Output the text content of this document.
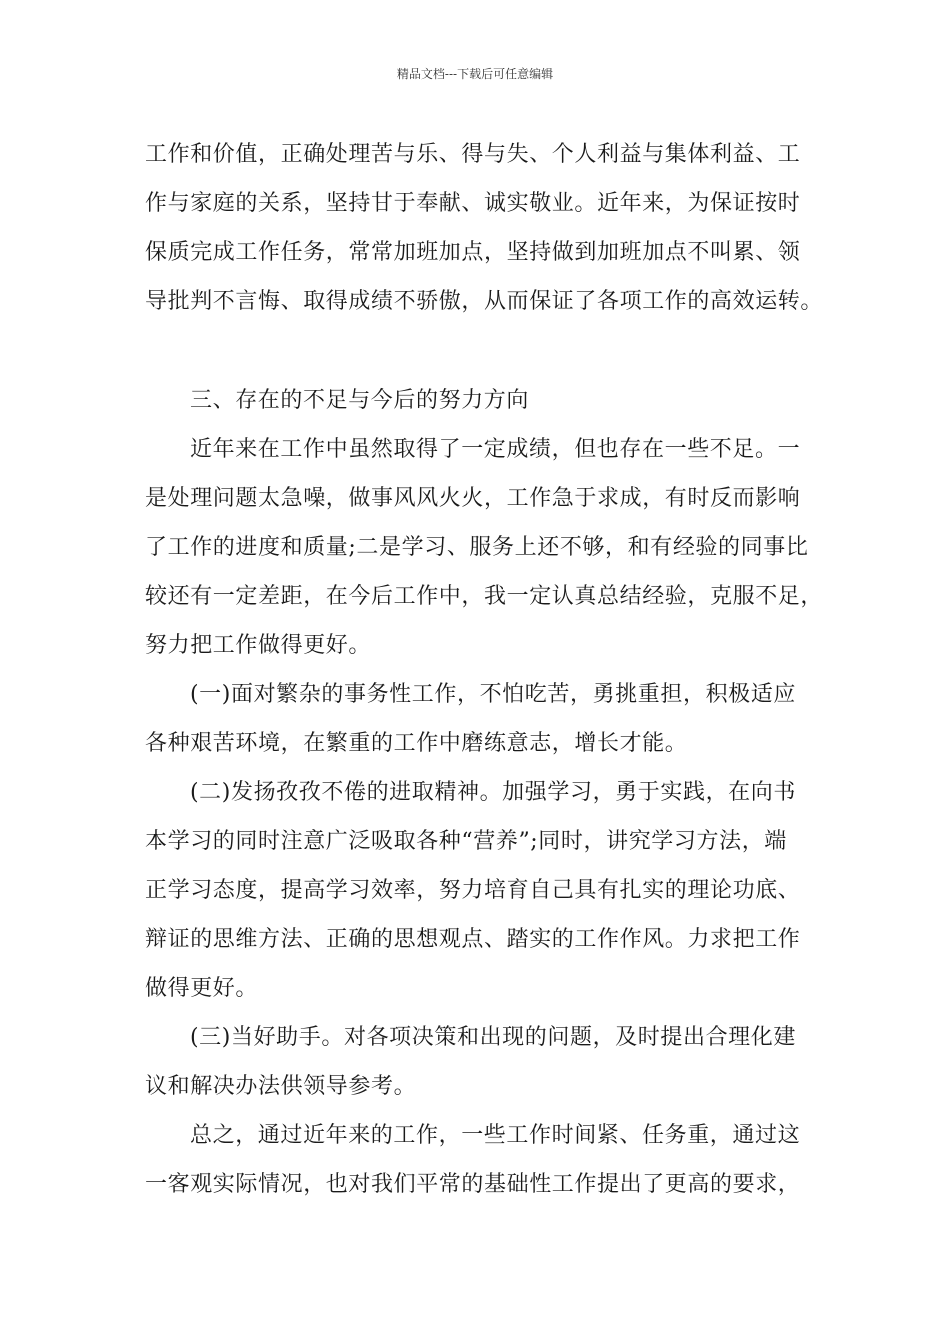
精品文档---下载后可任意编辑
工作和价值，正确处理苦与乐、得与失、个人利益与集体利益、工
作与家庭的关系，坚持甘于奉献、诚实敬业。近年来，为保证按时
保质完成工作任务，常常加班加点，坚持做到加班加点不叫累、领
导批判不言悔、取得成绩不骄傲，从而保证了各项工作的高效运转。
三、存在的不足与今后的努力方向
近年来在工作中虽然取得了一定成绩，但也存在一些不足。一
是处理问题太急噪，做事风风火火，工作急于求成，有时反而影响
了工作的进度和质量;二是学习、服务上还不够，和有经验的同事比
较还有一定差距，在今后工作中，我一定认真总结经验，克服不足，
努力把工作做得更好。
(一)面对繁杂的事务性工作，不怕吃苦，勇挑重担，积极适应
各种艰苦环境，在繁重的工作中磨练意志，增长才能。
(二)发扬孜孜不倦的进取精神。加强学习，勇于实践，在向书
本学习的同时注意广泛吸取各种“营养”;同时，讲究学习方法，端
正学习态度，提高学习效率，努力培育自己具有扎实的理论功底、
辩证的思维方法、正确的思想观点、踏实的工作作风。力求把工作
做得更好。
(三)当好助手。对各项决策和出现的问题，及时提出合理化建
议和解决办法供领导参考。
总之，通过近年来的工作，一些工作时间紧、任务重，通过这
一客观实际情况，也对我们平常的基础性工作提出了更高的要求，
